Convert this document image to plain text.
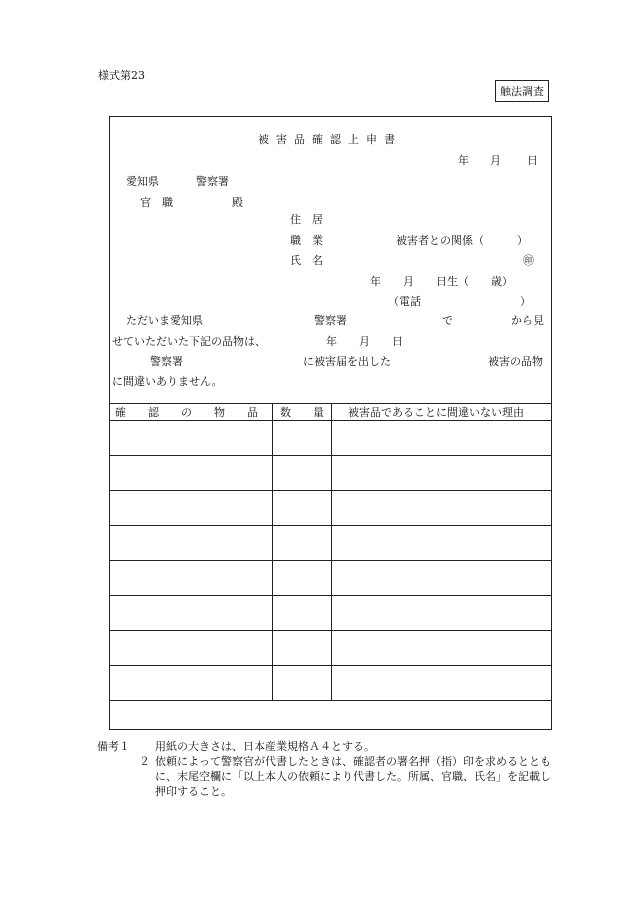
様式第23
触法調査
被害品確認上申書
年 月 日
愛知県	警察署
官　職	殿
住　居
職　業	被害者との関係（　　　）
氏　名	㊞
年　　月　　日生（　　歳）
（電話　　　　　　　　　）
ただいま愛知県	警察署	で	から見
せていただいた下記の品物は、	年　　月　　日
警察署	に被害届を出した	被害の品物
に間違いありません。
確　　認　　の　　物　　品 数　　量 被害品であることに間違いない理由
備考１	用紙の大きさは、日本産業規格Ａ４とする。
２ 依頼によって警察官が代書したときは、確認者の署名押（指）印を求めるとともに、末尾空欄に「以上本人の依頼により代書した。所属、官職、氏名」を記載し押印すること。
